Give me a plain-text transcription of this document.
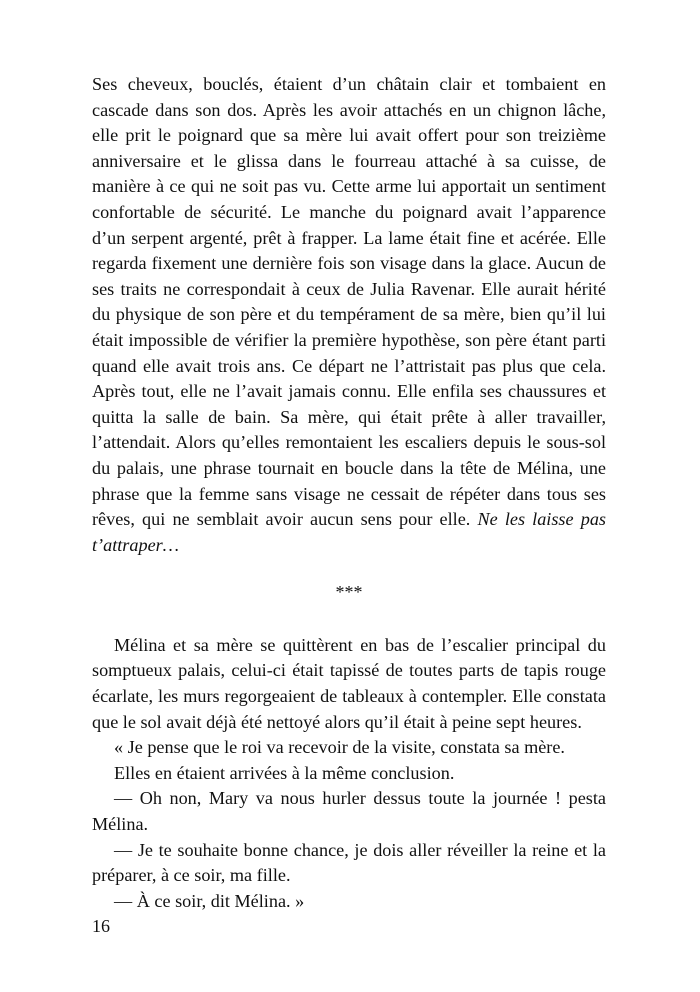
Ses cheveux, bouclés, étaient d’un châtain clair et tombaient en cascade dans son dos. Après les avoir attachés en un chignon lâche, elle prit le poignard que sa mère lui avait offert pour son treizième anniversaire et le glissa dans le fourreau attaché à sa cuisse, de manière à ce qui ne soit pas vu. Cette arme lui apportait un sentiment confortable de sécurité. Le manche du poignard avait l’apparence d’un serpent argenté, prêt à frapper. La lame était fine et acérée. Elle regarda fixement une dernière fois son visage dans la glace. Aucun de ses traits ne correspondait à ceux de Julia Ravenar. Elle aurait hérité du physique de son père et du tempérament de sa mère, bien qu’il lui était impossible de vérifier la première hypothèse, son père étant parti quand elle avait trois ans. Ce départ ne l’attristait pas plus que cela. Après tout, elle ne l’avait jamais connu. Elle enfila ses chaussures et quitta la salle de bain. Sa mère, qui était prête à aller travailler, l’attendait. Alors qu’elles remontaient les escaliers depuis le sous-sol du palais, une phrase tournait en boucle dans la tête de Mélina, une phrase que la femme sans visage ne cessait de répéter dans tous ses rêves, qui ne semblait avoir aucun sens pour elle. Ne les laisse pas t’attraper…

***

Mélina et sa mère se quittèrent en bas de l’escalier principal du somptueux palais, celui-ci était tapissé de toutes parts de tapis rouge écarlate, les murs regorgeaient de tableaux à contempler. Elle constata que le sol avait déjà été nettoyé alors qu’il était à peine sept heures.

« Je pense que le roi va recevoir de la visite, constata sa mère.

Elles en étaient arrivées à la même conclusion.

— Oh non, Mary va nous hurler dessus toute la journée ! pesta Mélina.

— Je te souhaite bonne chance, je dois aller réveiller la reine et la préparer, à ce soir, ma fille.

— À ce soir, dit Mélina. »

16
